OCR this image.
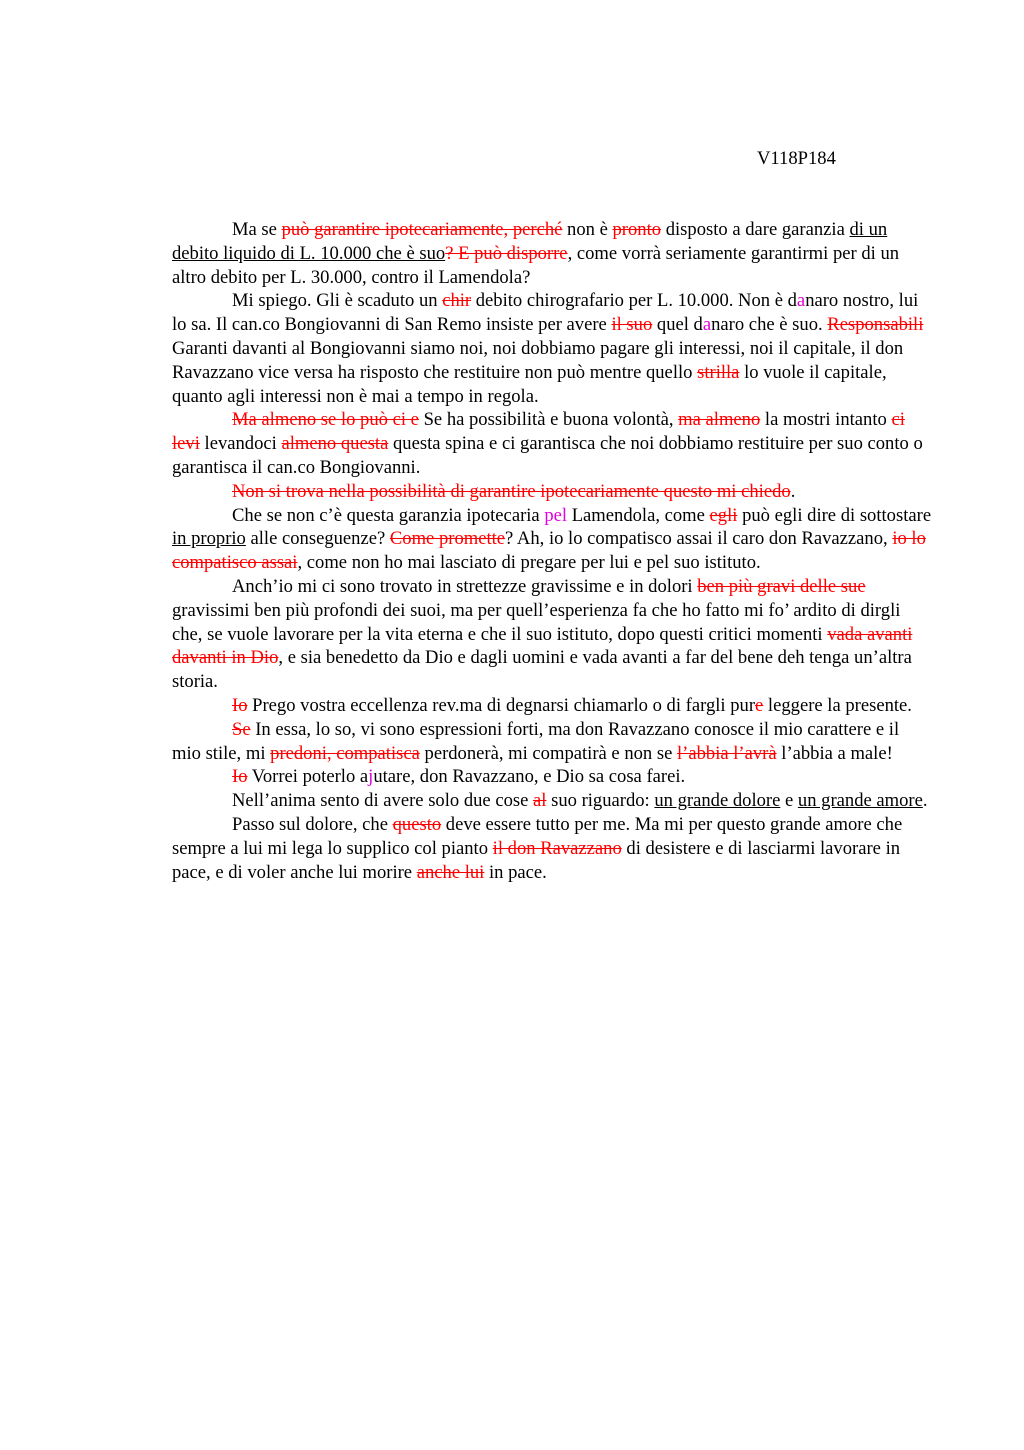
V118P184

Ma se può garantire ipotecariamente, perché non è pronto disposto a dare garanzia di un debito liquido di L. 10.000 che è suo? E può disporre, come vorrà seriamente garantirmi per di un altro debito per L. 30.000, contro il Lamendola?

Mi spiego. Gli è scaduto un chir debito chirografario per L. 10.000. Non è danaro nostro, lui lo sa. Il can.co Bongiovanni di San Remo insiste per avere il suo quel danaro che è suo. Responsabili Garanti davanti al Bongiovanni siamo noi, noi dobbiamo pagare gli interessi, noi il capitale, il don Ravazzano vice versa ha risposto che restituire non può mentre quello strilla lo vuole il capitale, quanto agli interessi non è mai a tempo in regola.

Ma almeno se lo può ci e Se ha possibilità e buona volontà, ma almeno la mostri intanto ci levi levandoci almeno questa questa spina e ci garantisca che noi dobbiamo restituire per suo conto o garantisca il can.co Bongiovanni.

Non si trova nella possibilità di garantire ipotecariamente questo mi chiedo.

Che se non c’è questa garanzia ipotecaria pel Lamendola, come egli può egli dire di sottostare in proprio alle conseguenze? Come promette? Ah, io lo compatisco assai il caro don Ravazzano, io lo compatisco assai, come non ho mai lasciato di pregare per lui e pel suo istituto.

Anch’io mi ci sono trovato in strettezze gravissime e in dolori ben più gravi delle sue gravissimi ben più profondi dei suoi, ma per quell’esperienza fa che ho fatto mi fo’ ardito di dirgli che, se vuole lavorare per la vita eterna e che il suo istituto, dopo questi critici momenti vada avanti davanti in Dio, e sia benedetto da Dio e dagli uomini e vada avanti a far del bene deh tenga un’altra storia.

Io Prego vostra eccellenza rev.ma di degnarsi chiamarlo o di fargli pure leggere la presente.

Se In essa, lo so, vi sono espressioni forti, ma don Ravazzano conosce il mio carattere e il mio stile, mi predoni, compatisca perdonerà, mi compatirà e non se l’abbia l’avrà l’abbia a male!

Io Vorrei poterlo ajutare, don Ravazzano, e Dio sa cosa farei.

Nell’anima sento di avere solo due cose al suo riguardo: un grande dolore e un grande amore.

Passo sul dolore, che questo deve essere tutto per me. Ma mi per questo grande amore che sempre a lui mi lega lo supplico col pianto il don Ravazzano di desistere e di lasciarmi lavorare in pace, e di voler anche lui morire anche lui in pace.
